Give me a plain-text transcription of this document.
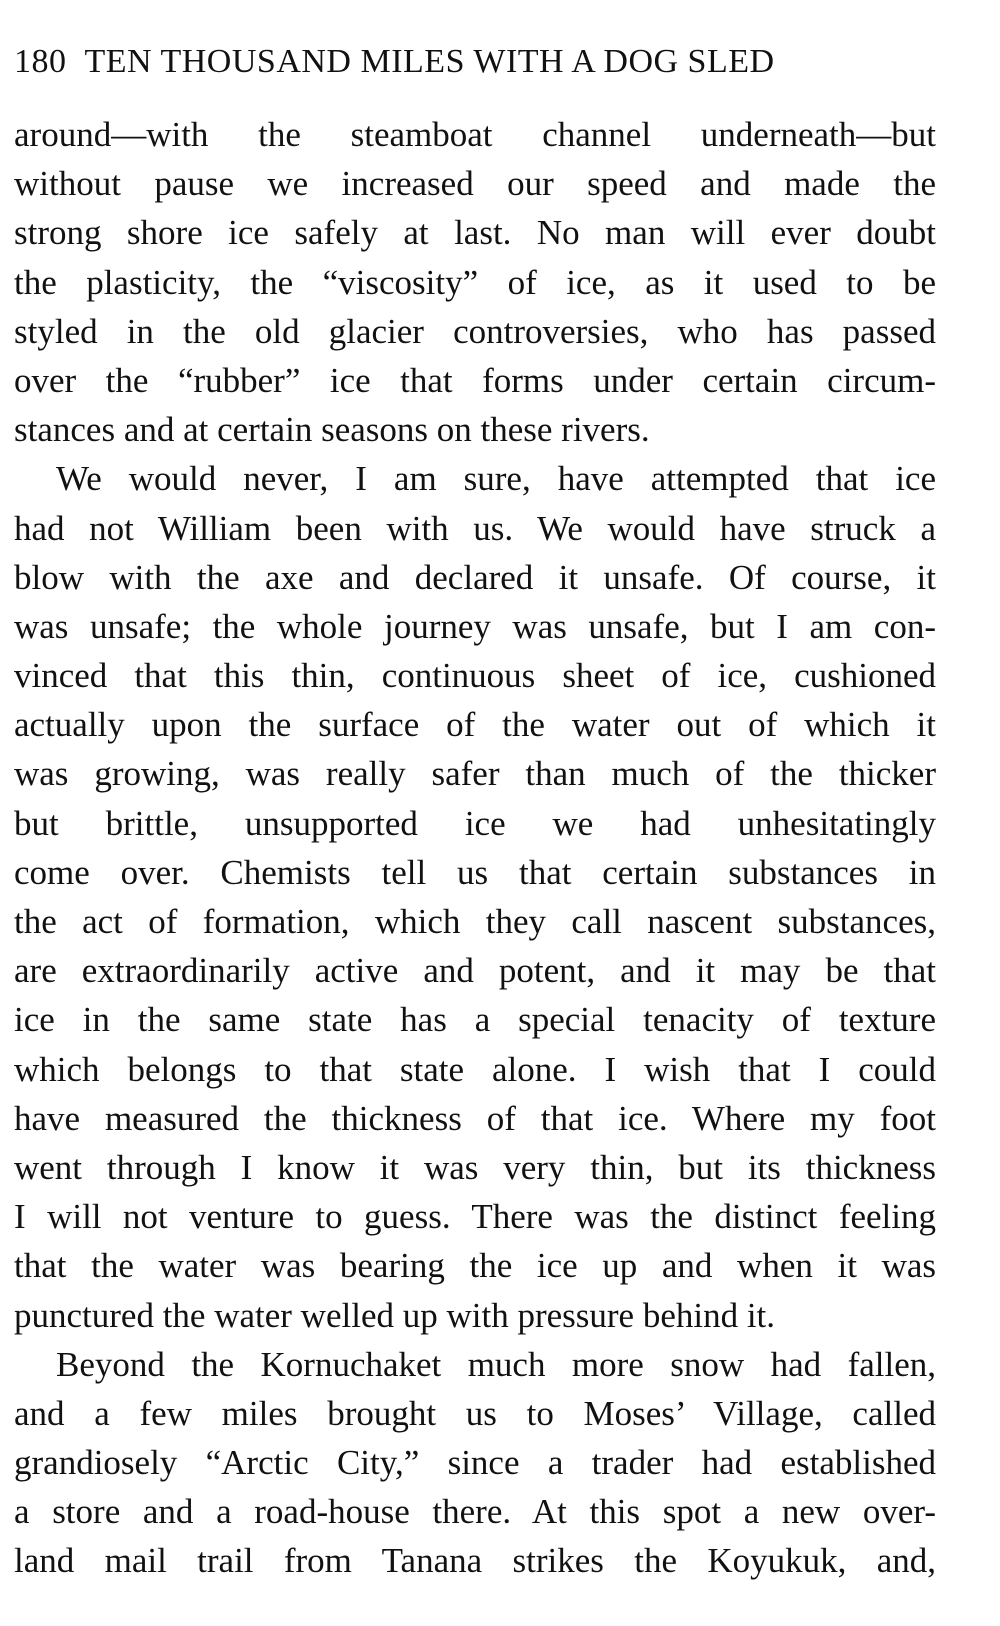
180 TEN THOUSAND MILES WITH A DOG SLED
around—with the steamboat channel underneath—but
without pause we increased our speed and made the
strong shore ice safely at last. No man will ever doubt
the plasticity, the “viscosity” of ice, as it used to be
styled in the old glacier controversies, who has passed
over the “rubber” ice that forms under certain circum-
stances and at certain seasons on these rivers.
We would never, I am sure, have attempted that ice
had not William been with us. We would have struck a
blow with the axe and declared it unsafe. Of course, it
was unsafe; the whole journey was unsafe, but I am con-
vinced that this thin, continuous sheet of ice, cushioned
actually upon the surface of the water out of which it
was growing, was really safer than much of the thicker
but brittle, unsupported ice we had unhesitatingly
come over. Chemists tell us that certain substances in
the act of formation, which they call nascent substances,
are extraordinarily active and potent, and it may be that
ice in the same state has a special tenacity of texture
which belongs to that state alone. I wish that I could
have measured the thickness of that ice. Where my foot
went through I know it was very thin, but its thickness
I will not venture to guess. There was the distinct feeling
that the water was bearing the ice up and when it was
punctured the water welled up with pressure behind it.
Beyond the Kornuchaket much more snow had fallen,
and a few miles brought us to Moses’ Village, called
grandiosely “Arctic City,” since a trader had established
a store and a road-house there. At this spot a new over-
land mail trail from Tanana strikes the Koyukuk, and,
